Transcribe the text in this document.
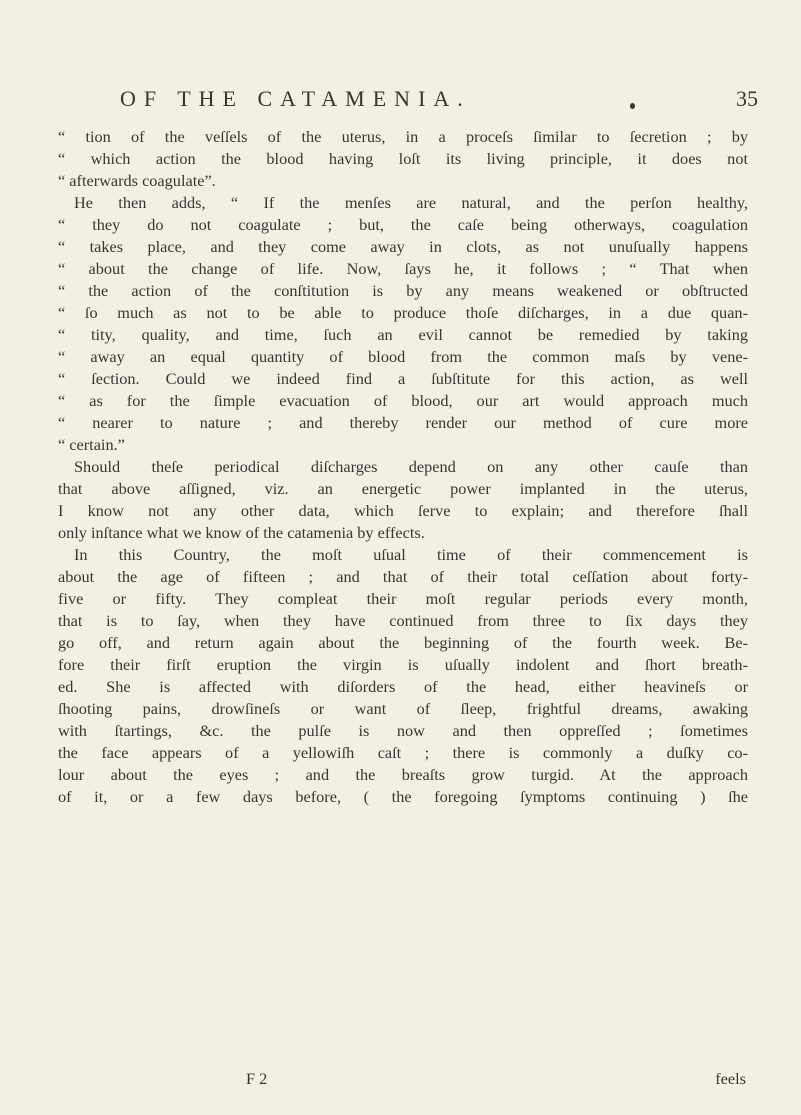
OF THE CATAMENIA.	35
“ tion of the veſſels of the uterus, in a proceſs ſimilar to ſecretion ; by
“ which action the blood having loſt its living principle, it does not
“ afterwards coagulate”.
He then adds, “ If the menſes are natural, and the perſon healthy,
“ they do not coagulate ; but, the caſe being otherways, coagulation
“ takes place, and they come away in clots, as not unuſually happens
“ about the change of life. Now, ſays he, it follows ; “ That when
“ the action of the conſtitution is by any means weakened or obſtructed
“ ſo much as not to be able to produce thoſe diſcharges, in a due quan-
“ tity, quality, and time, ſuch an evil cannot be remedied by taking
“ away an equal quantity of blood from the common maſs by vene-
“ ſection. Could we indeed find a ſubſtitute for this action, as well
“ as for the ſimple evacuation of blood, our art would approach much
“ nearer to nature ; and thereby render our method of cure more
“ certain.”
Should theſe periodical diſcharges depend on any other cauſe than
that above aſſigned, viz. an energetic power implanted in the uterus,
I know not any other data, which ſerve to explain; and therefore ſhall
only inſtance what we know of the catamenia by effects.
In this Country, the moſt uſual time of their commencement is
about the age of fifteen ; and that of their total ceſſation about forty-
five or fifty. They compleat their moſt regular periods every month,
that is to ſay, when they have continued from three to ſix days they
go off, and return again about the beginning of the fourth week. Be-
fore their firſt eruption the virgin is uſually indolent and ſhort breath-
ed. She is affected with diſorders of the head, either heavineſs or
ſhooting pains, drowſineſs or want of ſleep, frightful dreams, awaking
with ſtartings, &c. the pulſe is now and then oppreſſed ; ſometimes
the face appears of a yellowiſh caſt ; there is commonly a duſky co-
lour about the eyes ; and the breaſts grow turgid. At the approach
of it, or a few days before, ( the foregoing ſymptoms continuing ) ſhe
F 2	feels
